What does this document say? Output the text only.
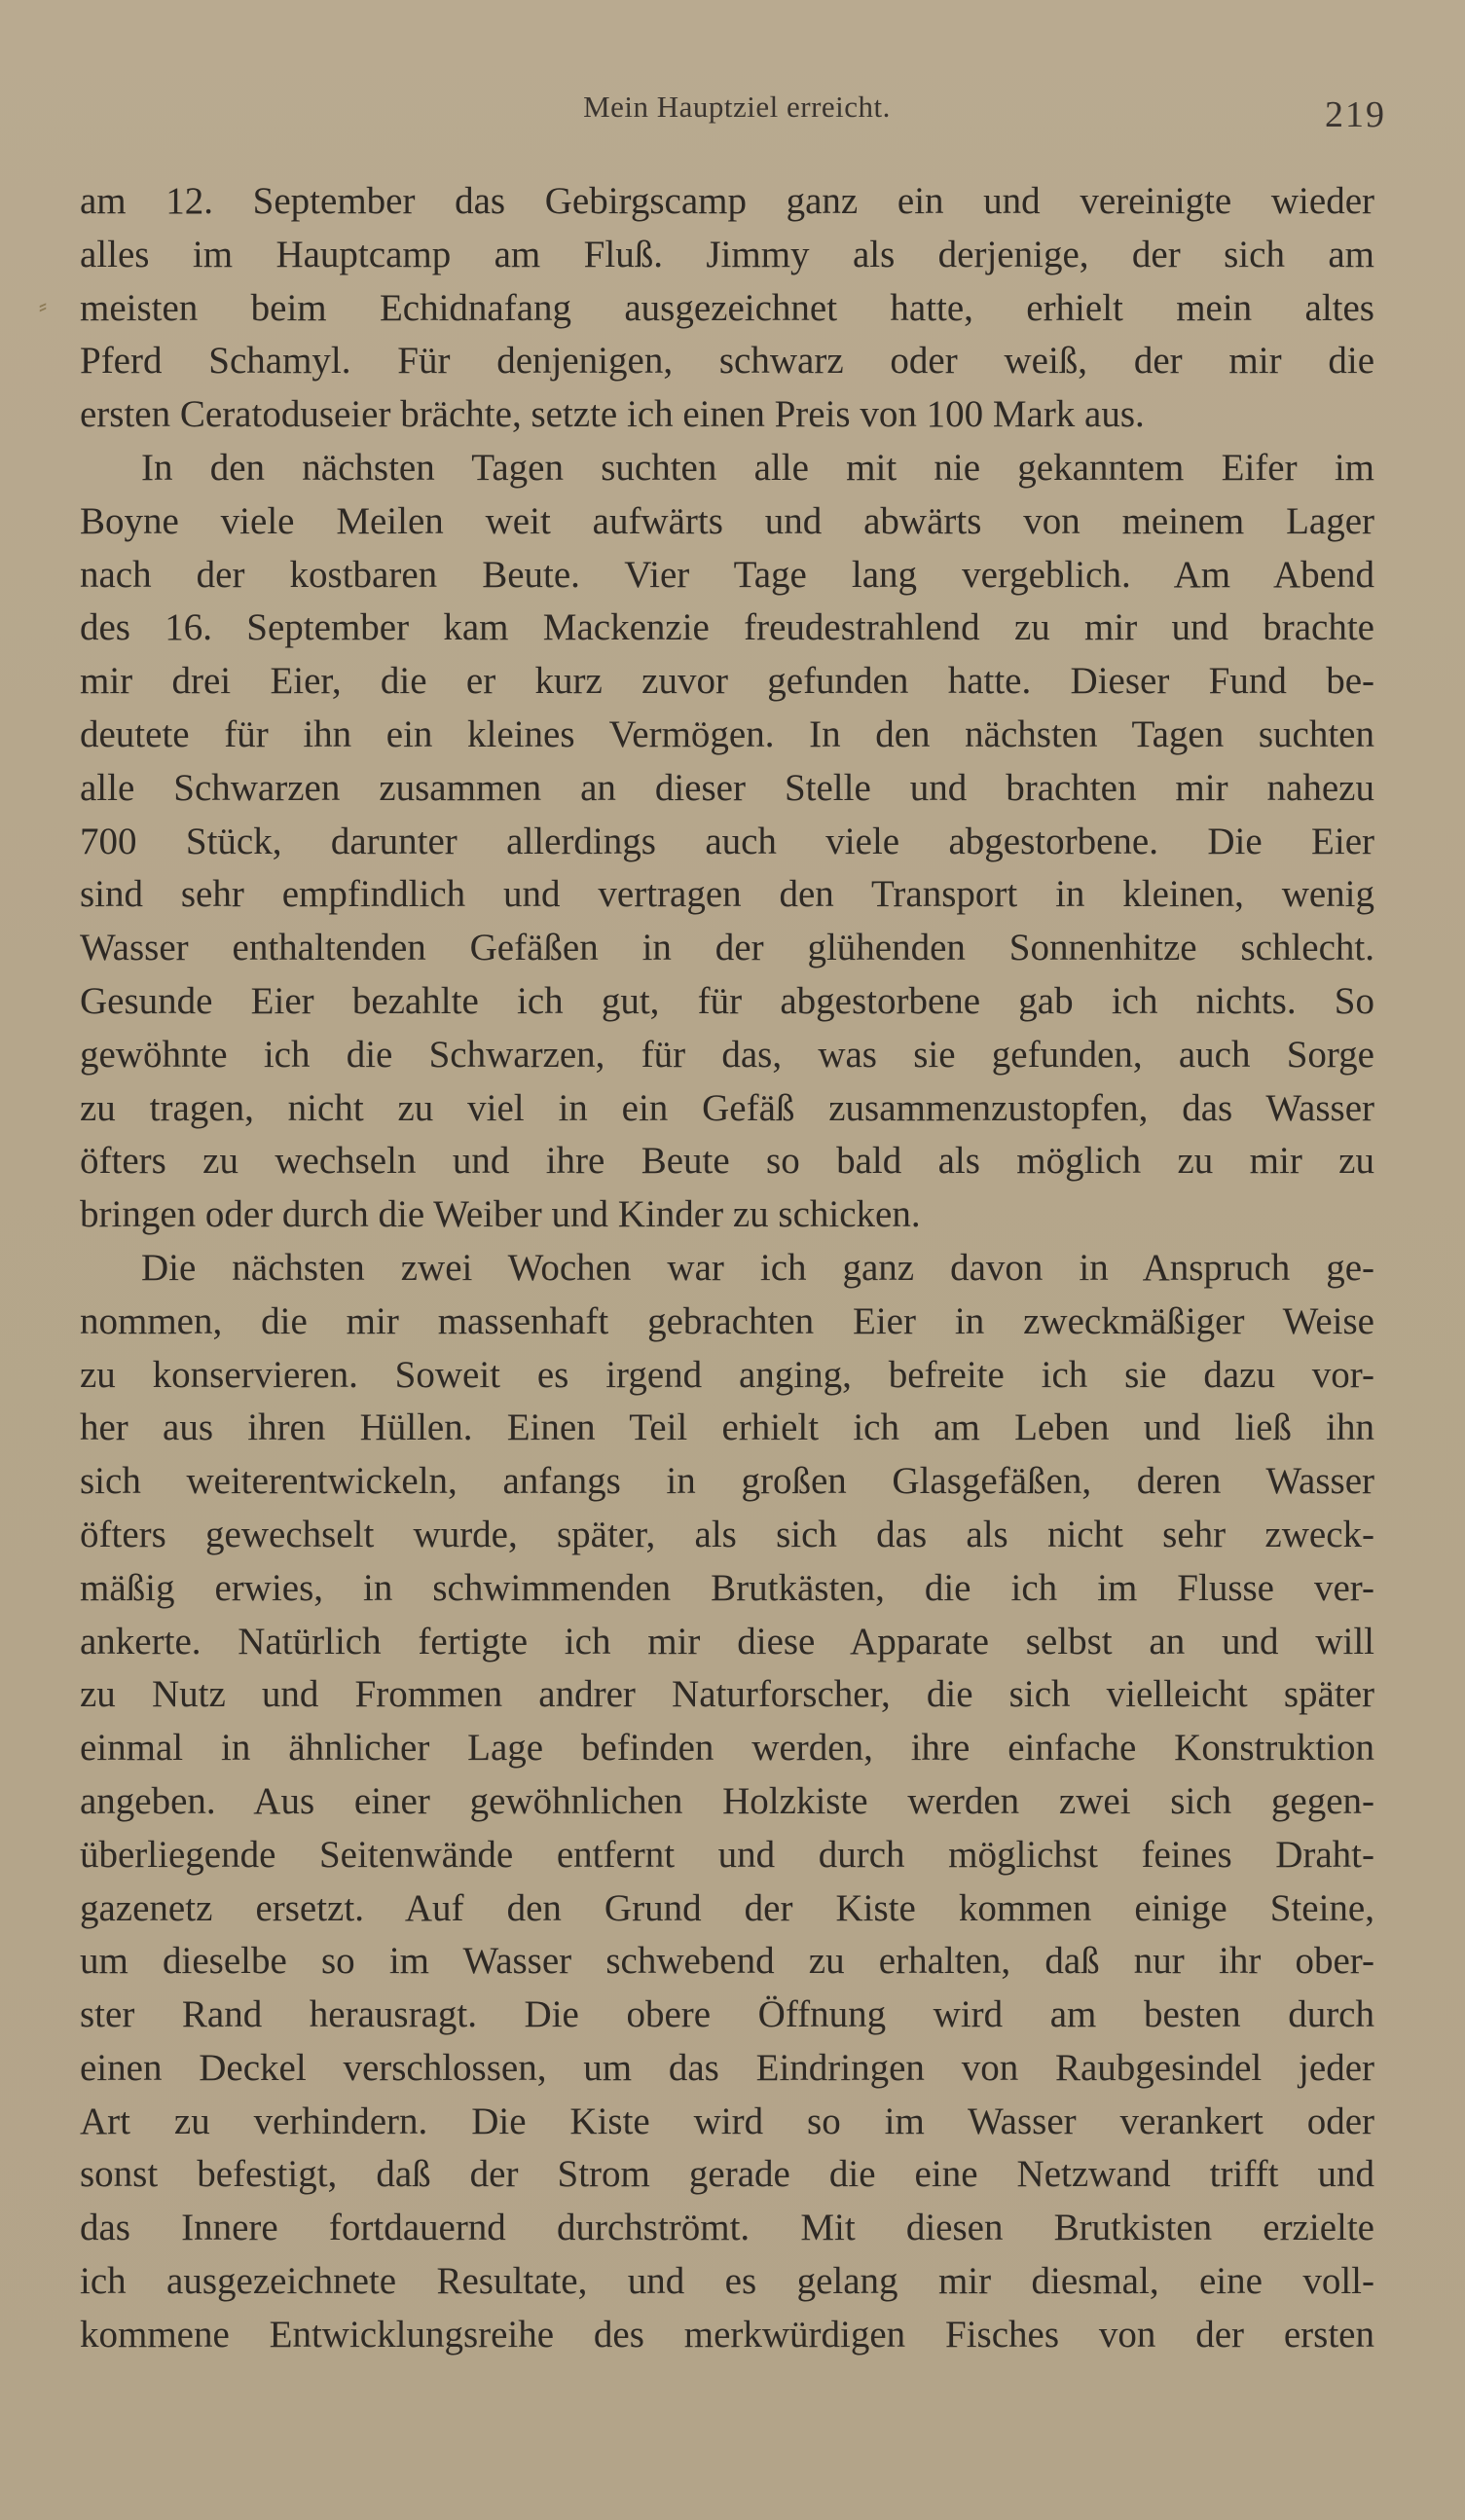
Mein Hauptziel erreicht.	219
⸗
am 12. September das Gebirgscamp ganz ein und vereinigte wieder
alles im Hauptcamp am Fluß. Jimmy als derjenige, der sich am
meisten beim Echidnafang ausgezeichnet hatte, erhielt mein altes
Pferd Schamyl. Für denjenigen, schwarz oder weiß, der mir die
ersten Ceratoduseier brächte, setzte ich einen Preis von 100 Mark aus.
In den nächsten Tagen suchten alle mit nie gekanntem Eifer im
Boyne viele Meilen weit aufwärts und abwärts von meinem Lager
nach der kostbaren Beute. Vier Tage lang vergeblich. Am Abend
des 16. September kam Mackenzie freudestrahlend zu mir und brachte
mir drei Eier, die er kurz zuvor gefunden hatte. Dieser Fund be-
deutete für ihn ein kleines Vermögen. In den nächsten Tagen suchten
alle Schwarzen zusammen an dieser Stelle und brachten mir nahezu
700 Stück, darunter allerdings auch viele abgestorbene. Die Eier
sind sehr empfindlich und vertragen den Transport in kleinen, wenig
Wasser enthaltenden Gefäßen in der glühenden Sonnenhitze schlecht.
Gesunde Eier bezahlte ich gut, für abgestorbene gab ich nichts. So
gewöhnte ich die Schwarzen, für das, was sie gefunden, auch Sorge
zu tragen, nicht zu viel in ein Gefäß zusammenzustopfen, das Wasser
öfters zu wechseln und ihre Beute so bald als möglich zu mir zu
bringen oder durch die Weiber und Kinder zu schicken.
Die nächsten zwei Wochen war ich ganz davon in Anspruch ge-
nommen, die mir massenhaft gebrachten Eier in zweckmäßiger Weise
zu konservieren. Soweit es irgend anging, befreite ich sie dazu vor-
her aus ihren Hüllen. Einen Teil erhielt ich am Leben und ließ ihn
sich weiterentwickeln, anfangs in großen Glasgefäßen, deren Wasser
öfters gewechselt wurde, später, als sich das als nicht sehr zweck-
mäßig erwies, in schwimmenden Brutkästen, die ich im Flusse ver-
ankerte. Natürlich fertigte ich mir diese Apparate selbst an und will
zu Nutz und Frommen andrer Naturforscher, die sich vielleicht später
einmal in ähnlicher Lage befinden werden, ihre einfache Konstruktion
angeben. Aus einer gewöhnlichen Holzkiste werden zwei sich gegen-
überliegende Seitenwände entfernt und durch möglichst feines Draht-
gazenetz ersetzt. Auf den Grund der Kiste kommen einige Steine,
um dieselbe so im Wasser schwebend zu erhalten, daß nur ihr ober-
ster Rand herausragt. Die obere Öffnung wird am besten durch
einen Deckel verschlossen, um das Eindringen von Raubgesindel jeder
Art zu verhindern. Die Kiste wird so im Wasser verankert oder
sonst befestigt, daß der Strom gerade die eine Netzwand trifft und
das Innere fortdauernd durchströmt. Mit diesen Brutkisten erzielte
ich ausgezeichnete Resultate, und es gelang mir diesmal, eine voll-
kommene Entwicklungsreihe des merkwürdigen Fisches von der ersten
